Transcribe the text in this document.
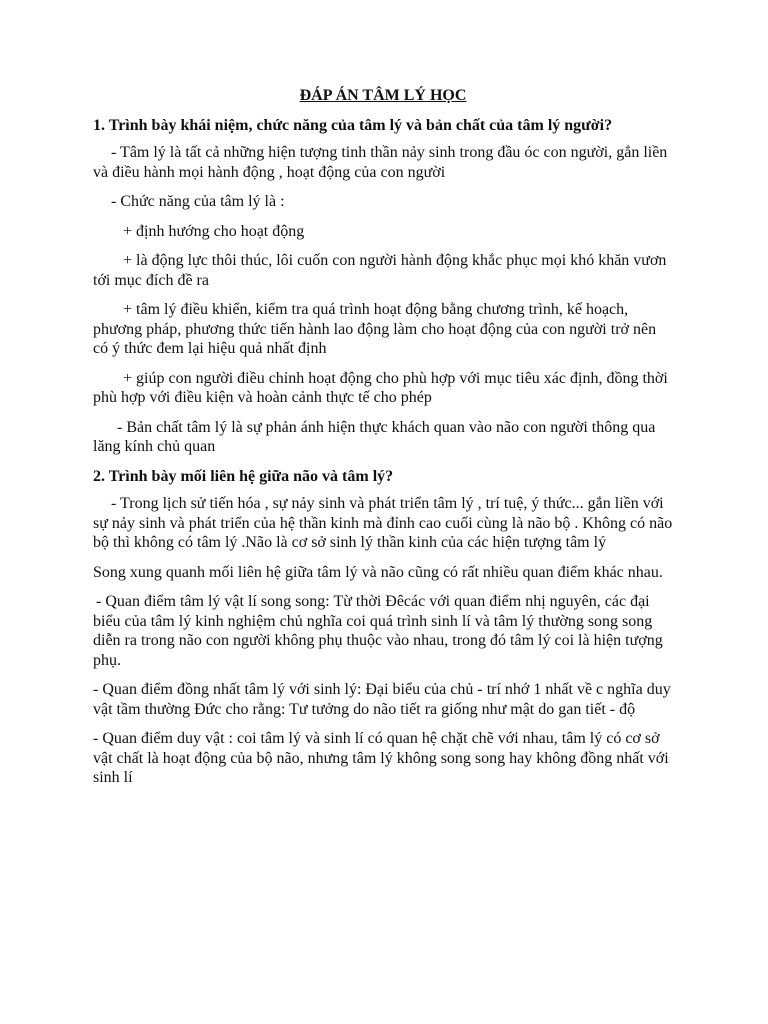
ĐÁP ÁN TÂM LÝ HỌC
1. Trình bày khái niệm, chức năng của tâm lý và bản chất của tâm lý người?
- Tâm lý là tất cả những hiện tượng tinh thần nảy sinh trong đầu óc con người, gắn liền và điều hành mọi hành động , hoạt động của con người
- Chức năng của tâm lý là :
+ định hướng cho hoạt động
+ là động lực thôi thúc, lôi cuốn con người hành động khắc phục mọi khó khăn vươn tới mục đích đề ra
+ tâm lý điều khiển, kiểm tra quá trình hoạt động bằng chương trình, kế hoạch, phương pháp, phương thức tiến hành lao động làm cho hoạt động của con người trở nên có ý thức đem lại hiệu quả nhất định
+ giúp con người điều chỉnh hoạt động cho phù hợp với mục tiêu xác định, đồng thời phù hợp với điều kiện và hoàn cảnh thực tế cho phép
- Bản chất tâm lý là sự phản ánh hiện thực khách quan vào não con người thông qua lăng kính chủ quan
2. Trình bày mối liên hệ giữa não và tâm lý?
- Trong lịch sử tiến hóa , sự nảy sinh và phát triển tâm lý , trí tuệ, ý thức... gắn liền với sự nảy sinh và phát triển của hệ thần kinh mà đỉnh cao cuối cùng là não bộ . Không có não bộ thì không có tâm lý .Não là cơ sở sinh lý thần kinh của các hiện tượng tâm lý
Song xung quanh mối liên hệ giữa tâm lý và não cũng có rất nhiều quan điểm khác nhau.
- Quan điểm tâm lý vật lí song song: Từ thời Đêcác với quan điểm nhị nguyên, các đại biểu của tâm lý kinh nghiệm chủ nghĩa coi quá trình sinh lí và tâm lý thường song song diễn ra trong não con người không phụ thuộc vào nhau, trong đó tâm lý coi là hiện tượng phụ.
- Quan điểm đồng nhất tâm lý với sinh lý: Đại biểu của chủ - trí nhớ 1 nhất về c nghĩa duy vật tầm thường Đức cho rằng: Tư tưởng do não tiết ra giống như mật do gan tiết - độ
- Quan điểm duy vật : coi tâm lý và sinh lí có quan hệ chặt chẽ với nhau, tâm lý có cơ sở vật chất là hoạt động của bộ não, nhưng tâm lý không song song hay không đồng nhất với sinh lí
